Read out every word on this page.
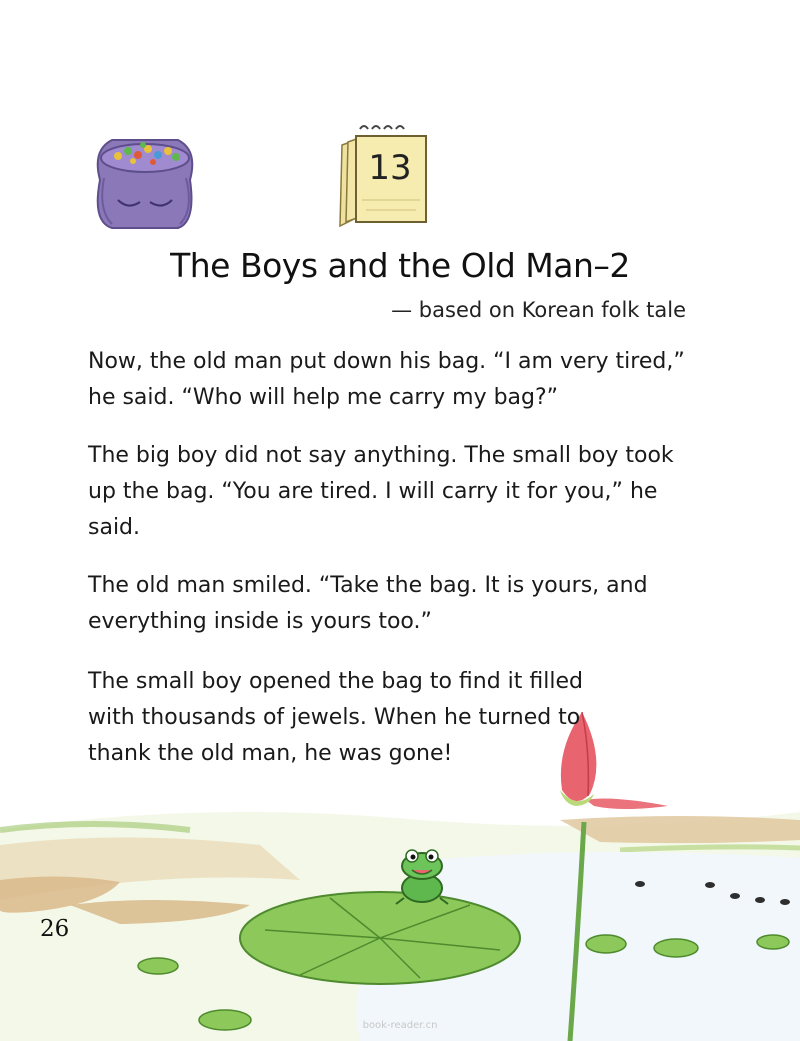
13
The Boys and the Old Man–2
— based on Korean folk tale

Now, the old man put down his bag. “I am very tired,” he said. “Who will help me carry my bag?”

The big boy did not say anything. The small boy took up the bag. “You are tired. I will carry it for you,” he said.

The old man smiled. “Take the bag. It is yours, and everything inside is yours too.”

The small boy opened the bag to find it filled with thousands of jewels. When he turned to thank the old man, he was gone!

26
book-reader.cn
